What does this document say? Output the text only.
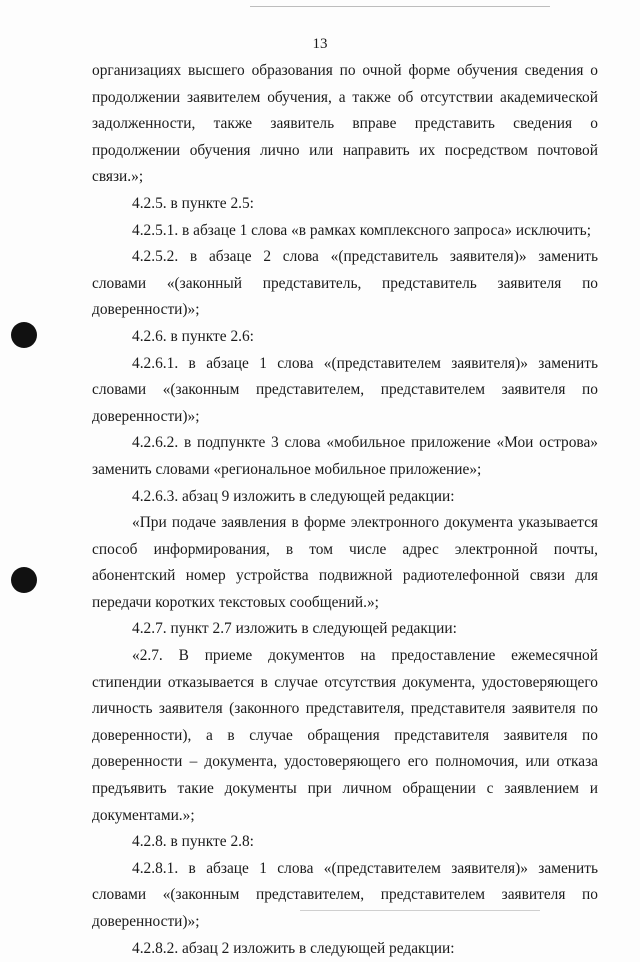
13

организациях высшего образования по очной форме обучения сведения о продолжении заявителем обучения, а также об отсутствии академической задолженности, также заявитель вправе представить сведения о продолжении обучения лично или направить их посредством почтовой связи.»;

4.2.5. в пункте 2.5:

4.2.5.1. в абзаце 1 слова «в рамках комплексного запроса» исключить;

4.2.5.2. в абзаце 2 слова «(представитель заявителя)» заменить словами «(законный представитель, представитель заявителя по доверенности)»;

4.2.6. в пункте 2.6:

4.2.6.1. в абзаце 1 слова «(представителем заявителя)» заменить словами «(законным представителем, представителем заявителя по доверенности)»;

4.2.6.2. в подпункте 3 слова «мобильное приложение «Мои острова» заменить словами «региональное мобильное приложение»;

4.2.6.3. абзац 9 изложить в следующей редакции:

«При подаче заявления в форме электронного документа указывается способ информирования, в том числе адрес электронной почты, абонентский номер устройства подвижной радиотелефонной связи для передачи коротких текстовых сообщений.»;

4.2.7. пункт 2.7 изложить в следующей редакции:

«2.7. В приеме документов на предоставление ежемесячной стипендии отказывается в случае отсутствия документа, удостоверяющего личность заявителя (законного представителя, представителя заявителя по доверенности), а в случае обращения представителя заявителя по доверенности – документа, удостоверяющего его полномочия, или отказа предъявить такие документы при личном обращении с заявлением и документами.»;

4.2.8. в пункте 2.8:

4.2.8.1. в абзаце 1 слова «(представителем заявителя)» заменить словами «(законным представителем, представителем заявителя по доверенности)»;

4.2.8.2. абзац 2 изложить в следующей редакции:
